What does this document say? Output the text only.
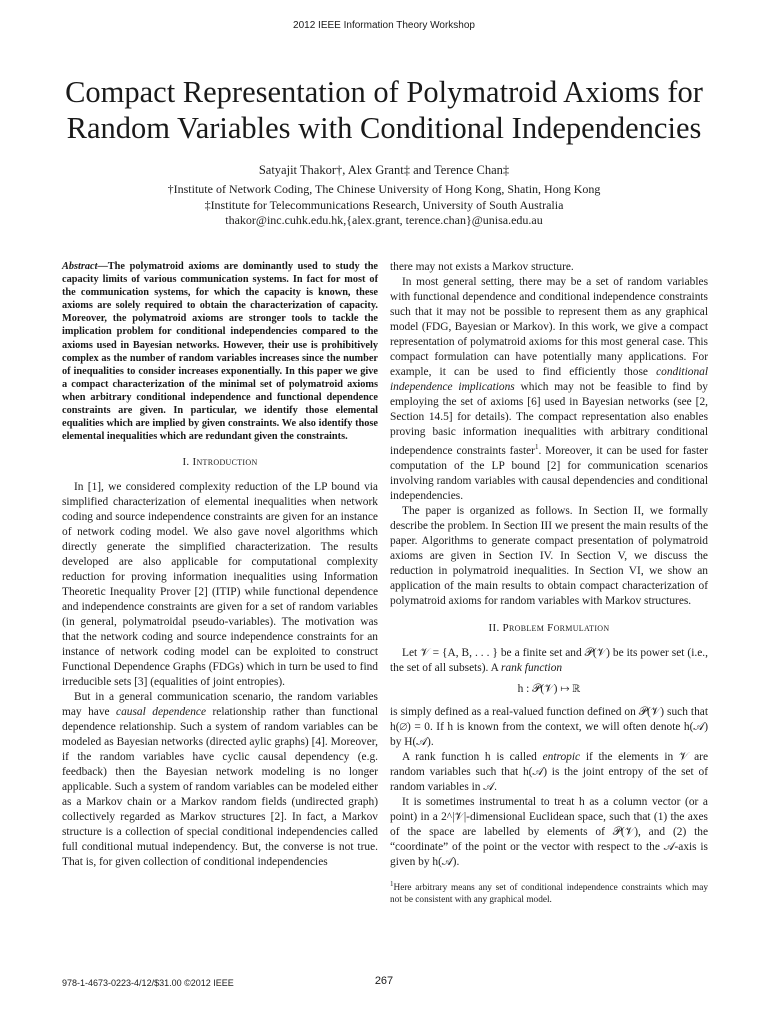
2012 IEEE Information Theory Workshop
Compact Representation of Polymatroid Axioms for
Random Variables with Conditional Independencies
Satyajit Thakor†, Alex Grant‡ and Terence Chan‡
†Institute of Network Coding, The Chinese University of Hong Kong, Shatin, Hong Kong
‡Institute for Telecommunications Research, University of South Australia
thakor@inc.cuhk.edu.hk,{alex.grant, terence.chan}@unisa.edu.au

Abstract—The polymatroid axioms are dominantly used to study the capacity limits of various communication systems. In fact for most of the communication systems, for which the capacity is known, these axioms are solely required to obtain the characterization of capacity. Moreover, the polymatroid axioms are stronger tools to tackle the implication problem for conditional independencies compared to the axioms used in Bayesian networks. However, their use is prohibitively complex as the number of random variables increases since the number of inequalities to consider increases exponentially. In this paper we give a compact characterization of the minimal set of polymatroid axioms when arbitrary conditional independence and functional dependence constraints are given. In particular, we identify those elemental equalities which are implied by given constraints. We also identify those elemental inequalities which are redundant given the constraints.

I. Introduction

In [1], we considered complexity reduction of the LP bound via simplified characterization of elemental inequalities when network coding and source independence constraints are given for an instance of network coding model. We also gave novel algorithms which directly generate the simplified characterization. The results developed are also applicable for computational complexity reduction for proving information inequalities using Information Theoretic Inequality Prover [2] (ITIP) while functional dependence and independence constraints are given for a set of random variables (in general, polymatroidal pseudo-variables). The motivation was that the network coding and source independence constraints for an instance of network coding model can be exploited to construct Functional Dependence Graphs (FDGs) which in turn be used to find irreducible sets [3] (equalities of joint entropies).

But in a general communication scenario, the random variables may have causal dependence relationship rather than functional dependence relationship. Such a system of random variables can be modeled as Bayesian networks (directed aylic graphs) [4]. Moreover, if the random variables have cyclic causal dependency (e.g. feedback) then the Bayesian network modeling is no longer applicable. Such a system of random variables can be modeled either as a Markov chain or a Markov random fields (undirected graph) collectively regarded as Markov structures [2]. In fact, a Markov structure is a collection of special conditional independencies called full conditional mutual independency. But, the converse is not true. That is, for given collection of conditional independencies

there may not exists a Markov structure.

In most general setting, there may be a set of random variables with functional dependence and conditional independence constraints such that it may not be possible to represent them as any graphical model (FDG, Bayesian or Markov). In this work, we give a compact representation of polymatroid axioms for this most general case. This compact formulation can have potentially many applications. For example, it can be used to find efficiently those conditional independence implications which may not be feasible to find by employing the set of axioms [6] used in Bayesian networks (see [2, Section 14.5] for details). The compact representation also enables proving basic information inequalities with arbitrary conditional independence constraints faster$^1$. Moreover, it can be used for faster computation of the LP bound [2] for communication scenarios involving random variables with causal dependencies and conditional independencies.

The paper is organized as follows. In Section II, we formally describe the problem. In Section III we present the main results of the paper. Algorithms to generate compact presentation of polymatroid axioms are given in Section IV. In Section V, we discuss the reduction in polymatroid inequalities. In Section VI, we show an application of the main results to obtain compact characterization of polymatroid axioms for random variables with Markov structures.

II. Problem Formulation

Let 𝒱 = {A, B, . . . } be a finite set and 𝒫(𝒱) be its power set (i.e., the set of all subsets). A rank function

h : 𝒫(𝒱) ↦ ℝ

is simply defined as a real-valued function defined on 𝒫(𝒱) such that h(∅) = 0. If h is known from the context, we will often denote h(𝒜) by H(𝒜).

A rank function h is called entropic if the elements in 𝒱 are random variables such that h(𝒜) is the joint entropy of the set of random variables in 𝒜.

It is sometimes instrumental to treat h as a column vector (or a point) in a 2^|𝒱|-dimensional Euclidean space, such that (1) the axes of the space are labelled by elements of 𝒫(𝒱), and (2) the “coordinate” of the point or the vector with respect to the 𝒜-axis is given by h(𝒜).

$^1$Here arbitrary means any set of conditional independence constraints which may not be consistent with any graphical model.
978-1-4673-0223-4/12/$31.00 ©2012 IEEE	267
